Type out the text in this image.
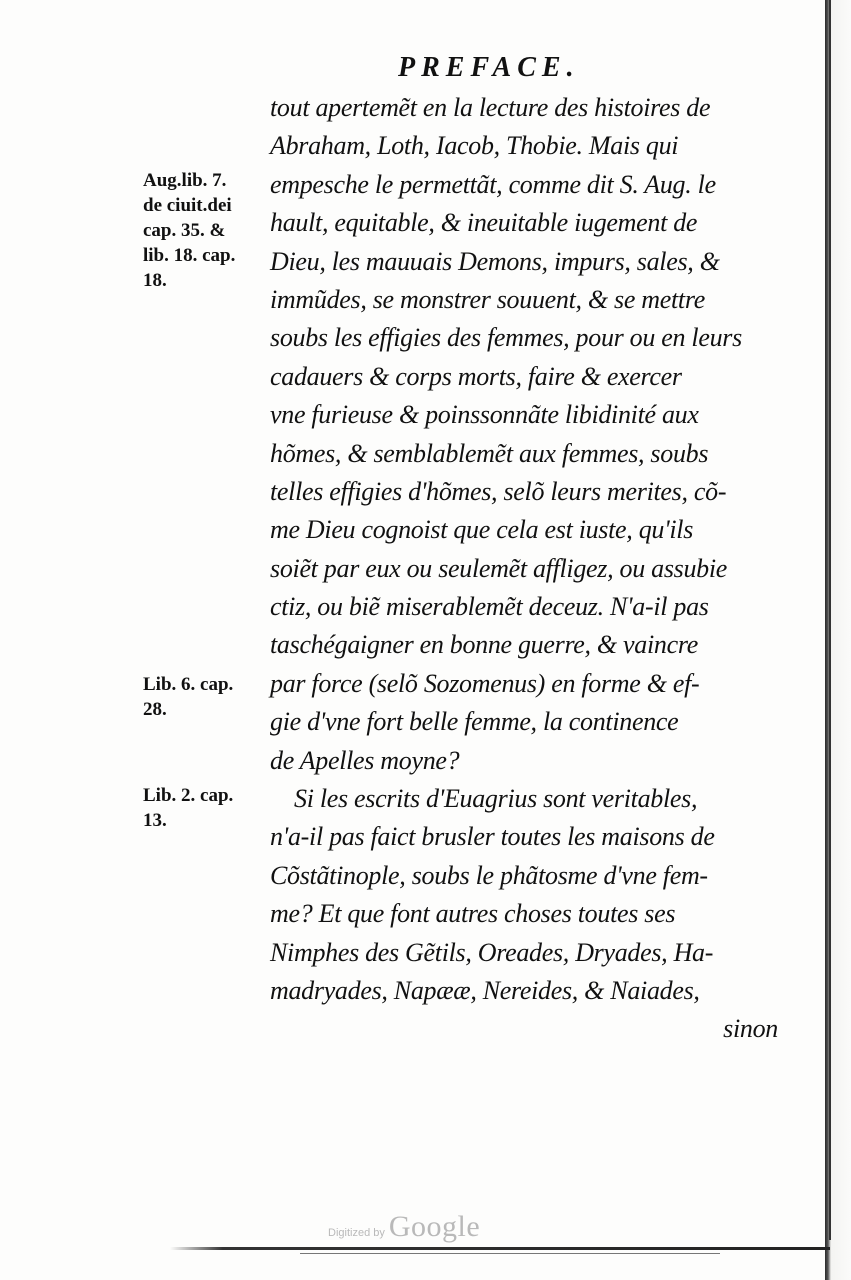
PREFACE.
tout apertemẽt en la lecture des histoires de
Abraham, Loth, Iacob, Thobie. Mais qui
empesche le permettãt, comme dit S. Aug. le
hault, equitable, & ineuitable iugement de
Dieu, les mauuais Demons, impurs, sales, &
immũdes, se monstrer souuent, & se mettre
soubs les effigies des femmes, pour ou en leurs
cadauers & corps morts, faire & exercer
vne furieuse & poinssonnãte libidinité aux
hõmes, & semblablemẽt aux femmes, soubs
telles effigies d'hõmes, selõ leurs merites, cõ-
me Dieu cognoist que cela est iuste, qu'ils
soiẽt par eux ou seulemẽt affligez, ou assubie
ctiz, ou biẽ miserablemẽt deceuz. N'a-il pas
taschégaigner en bonne guerre, & vaincre
par force (selõ Sozomenus) en forme & ef-
gie d'vne fort belle femme, la continence
de Apelles moyne?
Si les escrits d'Euagrius sont veritables,
n'a-il pas faict brusler toutes les maisons de
Cõstãtinople, soubs le phãtosme d'vne fem-
me? Et que font autres choses toutes ses
Nimphes des Gẽtils, Oreades, Dryades, Ha-
madryades, Napææ, Nereides, & Naiades,
sinon
Aug.lib. 7.
de ciuit.dei
cap. 35. &
lib. 18. cap.
18.
Lib. 6. cap.
28.
Lib. 2. cap.
13.
Digitized by Google
